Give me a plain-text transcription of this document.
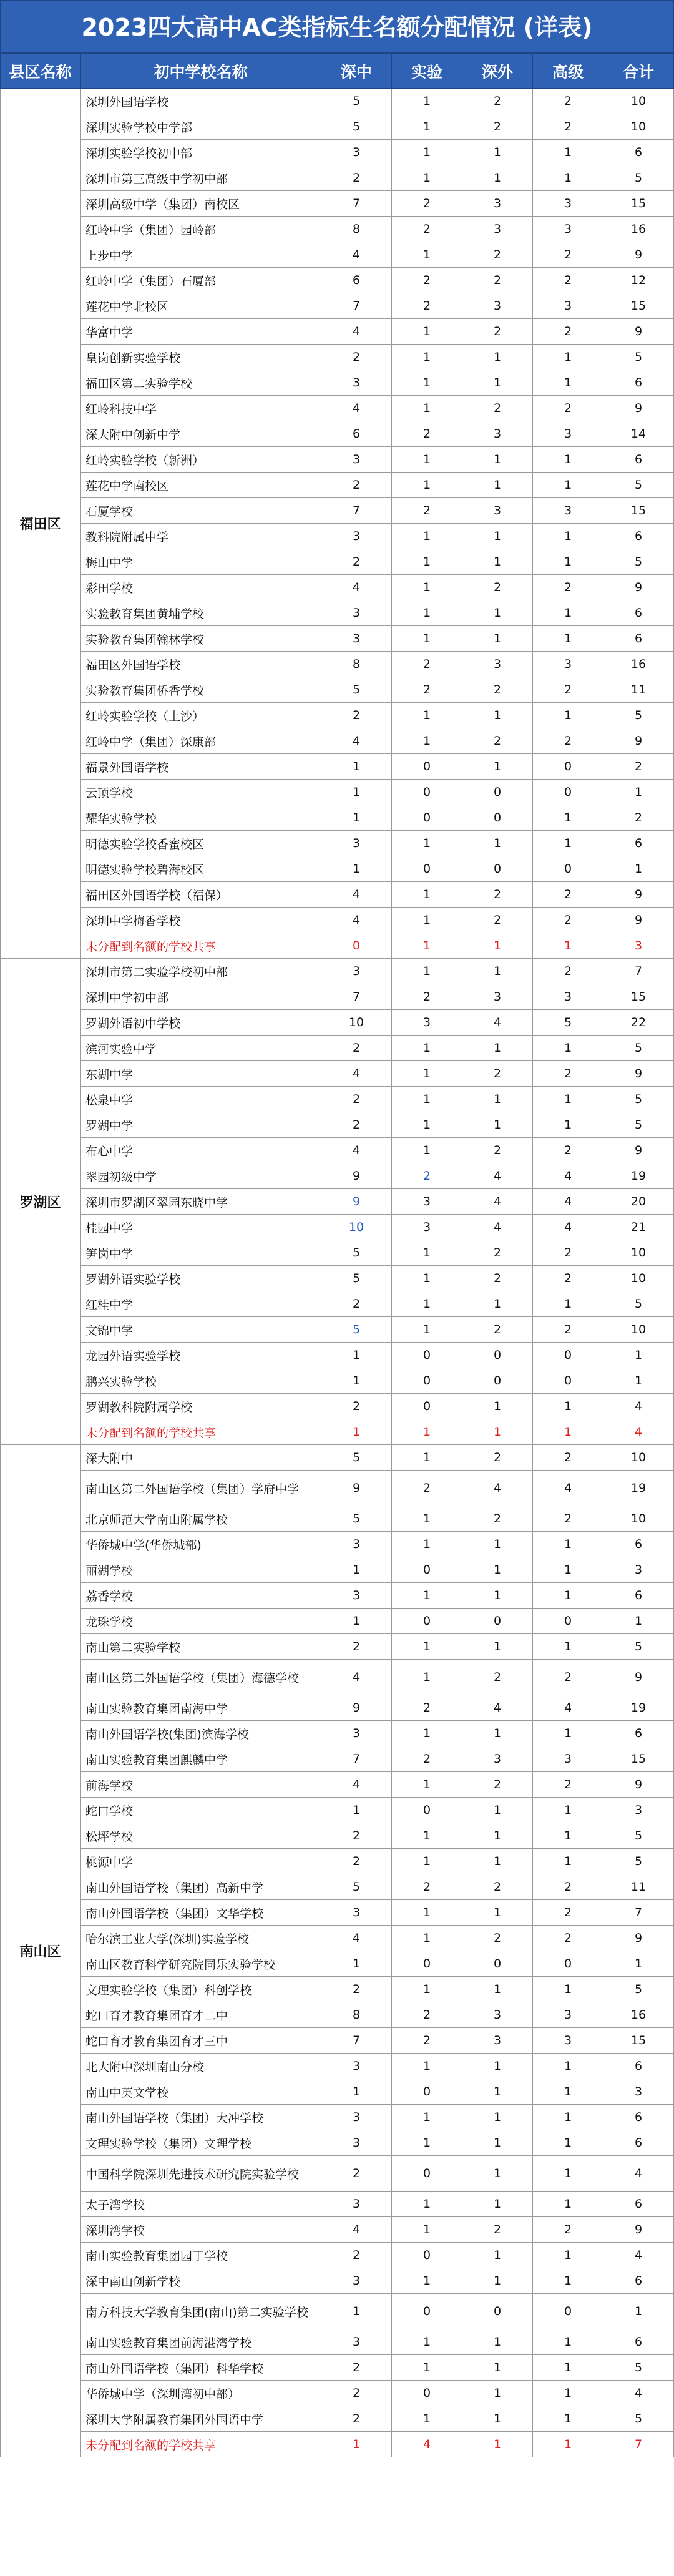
2023四大高中AC类指标生名额分配情况 (详表)
县区名称	初中学校名称	深中	实验	深外	高级	合计
福田区	深圳外国语学校	5	1	2	2	10
	深圳实验学校中学部	5	1	2	2	10
	深圳实验学校初中部	3	1	1	1	6
	深圳市第三高级中学初中部	2	1	1	1	5
	深圳高级中学（集团）南校区	7	2	3	3	15
	红岭中学（集团）园岭部	8	2	3	3	16
	上步中学	4	1	2	2	9
	红岭中学（集团）石厦部	6	2	2	2	12
	莲花中学北校区	7	2	3	3	15
	华富中学	4	1	2	2	9
	皇岗创新实验学校	2	1	1	1	5
	福田区第二实验学校	3	1	1	1	6
	红岭科技中学	4	1	2	2	9
	深大附中创新中学	6	2	3	3	14
	红岭实验学校（新洲）	3	1	1	1	6
	莲花中学南校区	2	1	1	1	5
	石厦学校	7	2	3	3	15
	教科院附属中学	3	1	1	1	6
	梅山中学	2	1	1	1	5
	彩田学校	4	1	2	2	9
	实验教育集团黄埔学校	3	1	1	1	6
	实验教育集团翰林学校	3	1	1	1	6
	福田区外国语学校	8	2	3	3	16
	实验教育集团侨香学校	5	2	2	2	11
	红岭实验学校（上沙）	2	1	1	1	5
	红岭中学（集团）深康部	4	1	2	2	9
	福景外国语学校	1	0	1	0	2
	云顶学校	1	0	0	0	1
	耀华实验学校	1	0	0	1	2
	明德实验学校香蜜校区	3	1	1	1	6
	明德实验学校碧海校区	1	0	0	0	1
	福田区外国语学校（福保）	4	1	2	2	9
	深圳中学梅香学校	4	1	2	2	9
	未分配到名额的学校共享	0	1	1	1	3
罗湖区	深圳市第二实验学校初中部	3	1	1	2	7
	深圳中学初中部	7	2	3	3	15
	罗湖外语初中学校	10	3	4	5	22
	滨河实验中学	2	1	1	1	5
	东湖中学	4	1	2	2	9
	松泉中学	2	1	1	1	5
	罗湖中学	2	1	1	1	5
	布心中学	4	1	2	2	9
	翠园初级中学	9	2	4	4	19
	深圳市罗湖区翠园东晓中学	9	3	4	4	20
	桂园中学	10	3	4	4	21
	笋岗中学	5	1	2	2	10
	罗湖外语实验学校	5	1	2	2	10
	红桂中学	2	1	1	1	5
	文锦中学	5	1	2	2	10
	龙园外语实验学校	1	0	0	0	1
	鹏兴实验学校	1	0	0	0	1
	罗湖教科院附属学校	2	0	1	1	4
	未分配到名额的学校共享	1	1	1	1	4
南山区	深大附中	5	1	2	2	10
	南山区第二外国语学校（集团）学府中学	9	2	4	4	19
	北京师范大学南山附属学校	5	1	2	2	10
	华侨城中学(华侨城部)	3	1	1	1	6
	丽湖学校	1	0	1	1	3
	荔香学校	3	1	1	1	6
	龙珠学校	1	0	0	0	1
	南山第二实验学校	2	1	1	1	5
	南山区第二外国语学校（集团）海德学校	4	1	2	2	9
	南山实验教育集团南海中学	9	2	4	4	19
	南山外国语学校(集团)滨海学校	3	1	1	1	6
	南山实验教育集团麒麟中学	7	2	3	3	15
	前海学校	4	1	2	2	9
	蛇口学校	1	0	1	1	3
	松坪学校	2	1	1	1	5
	桃源中学	2	1	1	1	5
	南山外国语学校（集团）高新中学	5	2	2	2	11
	南山外国语学校（集团）文华学校	3	1	1	2	7
	哈尔滨工业大学(深圳)实验学校	4	1	2	2	9
	南山区教育科学研究院同乐实验学校	1	0	0	0	1
	文理实验学校（集团）科创学校	2	1	1	1	5
	蛇口育才教育集团育才二中	8	2	3	3	16
	蛇口育才教育集团育才三中	7	2	3	3	15
	北大附中深圳南山分校	3	1	1	1	6
	南山中英文学校	1	0	1	1	3
	南山外国语学校（集团）大冲学校	3	1	1	1	6
	文理实验学校（集团）文理学校	3	1	1	1	6
	中国科学院深圳先进技术研究院实验学校	2	0	1	1	4
	太子湾学校	3	1	1	1	6
	深圳湾学校	4	1	2	2	9
	南山实验教育集团园丁学校	2	0	1	1	4
	深中南山创新学校	3	1	1	1	6
	南方科技大学教育集团(南山)第二实验学校	1	0	0	0	1
	南山实验教育集团前海港湾学校	3	1	1	1	6
	南山外国语学校（集团）科华学校	2	1	1	1	5
	华侨城中学（深圳湾初中部）	2	0	1	1	4
	深圳大学附属教育集团外国语中学	2	1	1	1	5
	未分配到名额的学校共享	1	4	1	1	7
